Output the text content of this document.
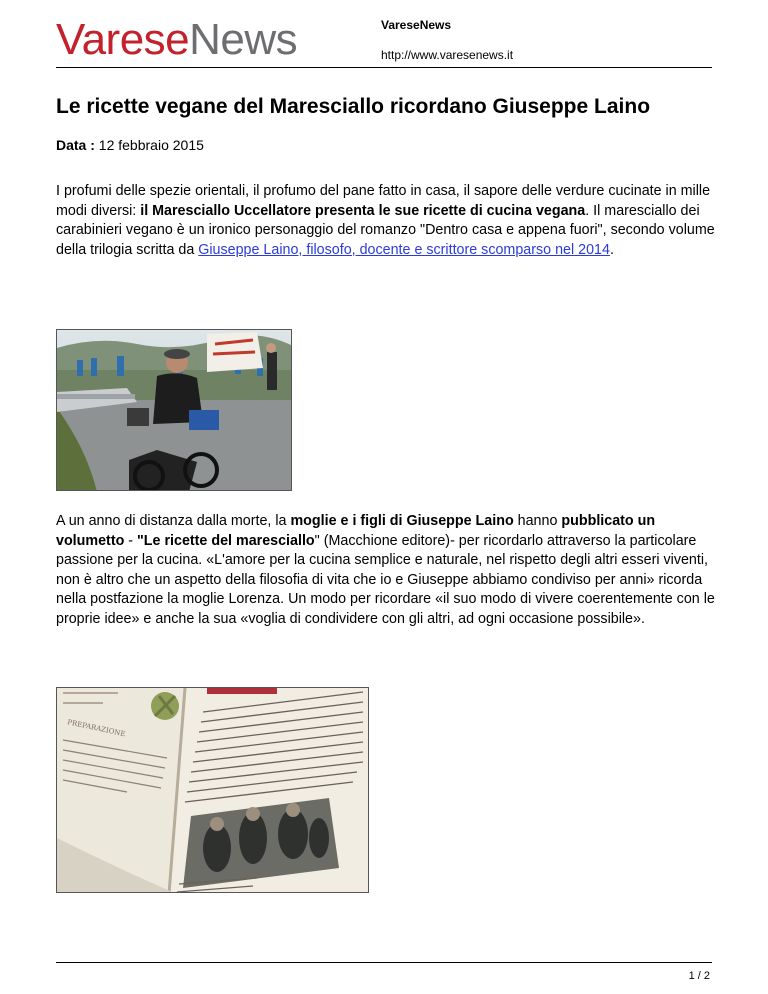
VareseNews	VareseNews
http://www.varesenews.it
Le ricette vegane del Maresciallo ricordano Giuseppe Laino
Data : 12 febbraio 2015

I profumi delle spezie orientali, il profumo del pane fatto in casa, il sapore delle verdure cucinate in mille modi diversi: il Maresciallo Uccellatore presenta le sue ricette di cucina vegana. Il maresciallo dei carabinieri vegano è un ironico personaggio del romanzo "Dentro casa e appena fuori", secondo volume della trilogia scritta da Giuseppe Laino, filosofo, docente e scrittore scomparso nel 2014.

A un anno di distanza dalla morte, la moglie e i figli di Giuseppe Laino hanno pubblicato un volumetto - "Le ricette del maresciallo" (Macchione editore)- per ricordarlo attraverso la particolare passione per la cucina. «L'amore per la cucina semplice e naturale, nel rispetto degli altri esseri viventi, non è altro che un aspetto della filosofia di vita che io e Giuseppe abbiamo condiviso per anni» ricorda nella postfazione la moglie Lorenza. Un modo per ricordare «il suo modo di vivere coerentemente con le proprie idee» e anche la sua «voglia di condividere con gli altri, ad ogni occasione possibile».

PREPARAZIONE
1 / 2
